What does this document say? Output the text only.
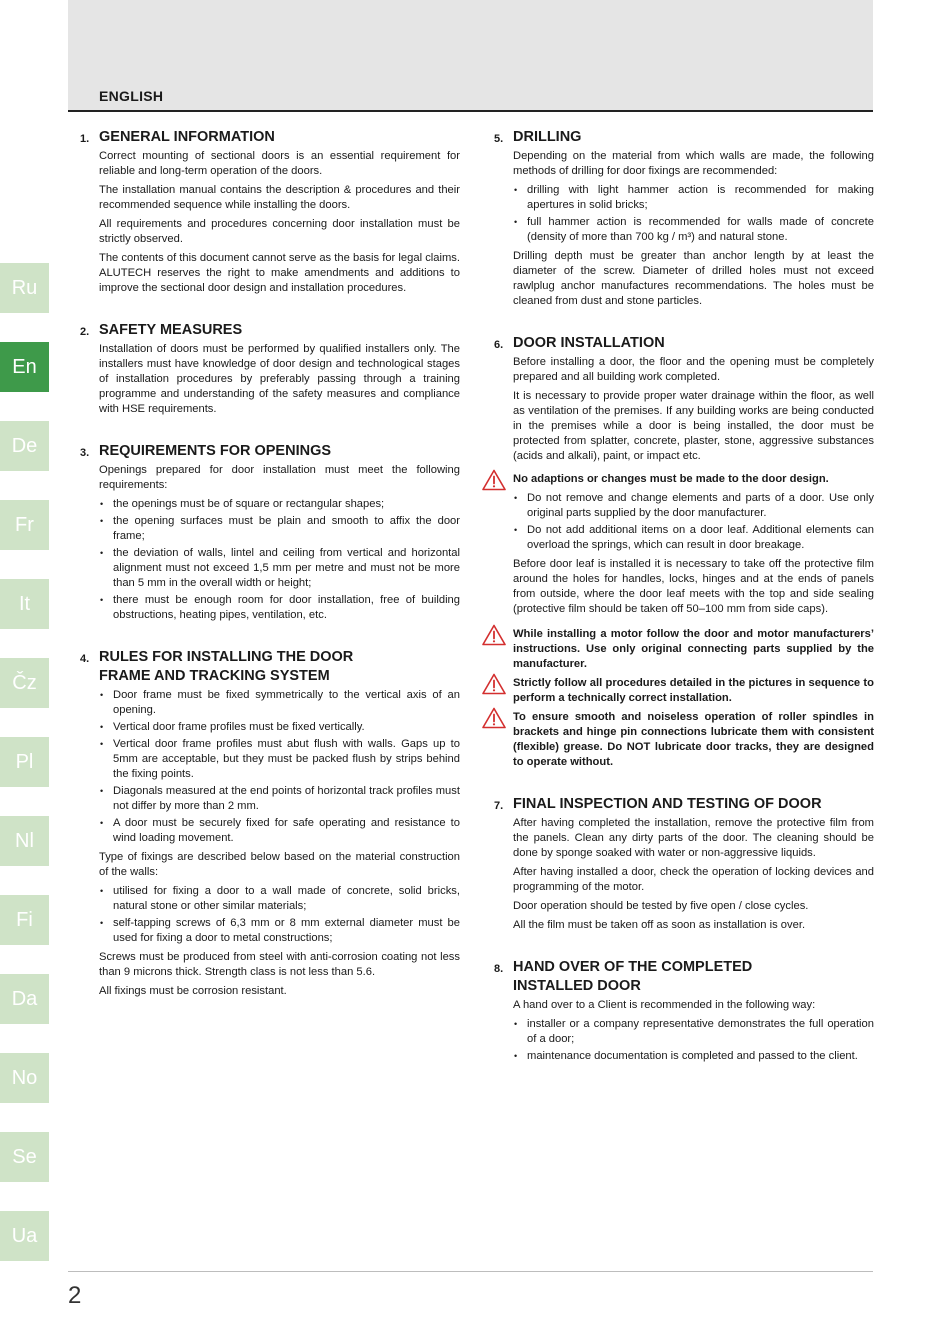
ENGLISH
Ru
En
De
Fr
It
Čz
Pl
Nl
Fi
Da
No
Se
Ua
1. GENERAL INFORMATION

Correct mounting of sectional doors is an essential requirement for reliable and long-term operation of the doors.

The installation manual contains the description & procedures and their recommended sequence while installing the doors.

All requirements and procedures concerning door installation must be strictly observed.

The contents of this document cannot serve as the basis for legal claims. ALUTECH reserves the right to make amendments and additions to improve the sectional door design and installation procedures.

2. SAFETY MEASURES

Installation of doors must be performed by qualified installers only. The installers must have knowledge of door design and technological stages of installation procedures by preferably passing through a training programme and understanding of the safety measures and compliance with HSE requirements.

3. REQUIREMENTS FOR OPENINGS

Openings prepared for door installation must meet the following requirements:

• the openings must be of square or rectangular shapes;
• the opening surfaces must be plain and smooth to affix the door frame;
• the deviation of walls, lintel and ceiling from vertical and horizontal alignment must not exceed 1,5 mm per metre and must not be more than 5 mm in the overall width or height;
• there must be enough room for door installation, free of building obstructions, heating pipes, ventilation, etc.
4. RULES FOR INSTALLING THE DOOR
FRAME AND TRACKING SYSTEM
• Door frame must be fixed symmetrically to the vertical axis of an opening.
• Vertical door frame profiles must be fixed vertically.
• Vertical door frame profiles must abut flush with walls. Gaps up to 5mm are acceptable, but they must be packed flush by strips behind the fixing points.
• Diagonals measured at the end points of horizontal track profiles must not differ by more than 2 mm.
• A door must be securely fixed for safe operating and resistance to wind loading movement.

Type of fixings are described below based on the material construction of the walls:

• utilised for fixing a door to a wall made of concrete, solid bricks, natural stone or other similar materials;
• self-tapping screws of 6,3 mm or 8 mm external diameter must be used for fixing a door to metal constructions;

Screws must be produced from steel with anti-corrosion coating not less than 9 microns thick. Strength class is not less than 5.6.

All fixings must be corrosion resistant.

5. DRILLING

Depending on the material from which walls are made, the following methods of drilling for door fixings are recommended:

• drilling with light hammer action is recommended for making apertures in solid bricks;
• full hammer action is recommended for walls made of concrete (density of more than 700 kg / m³) and natural stone.

Drilling depth must be greater than anchor length by at least the diameter of the screw. Diameter of drilled holes must not exceed rawlplug anchor manufactures recommendations. The holes must be cleaned from dust and stone particles.

6. DOOR INSTALLATION

Before installing a door, the floor and the opening must be completely prepared and all building work completed.

It is necessary to provide proper water drainage within the floor, as well as ventilation of the premises. If any building works are being conducted in the premises while a door is being installed, the door must be protected from splatter, concrete, plaster, stone, aggressive substances (acids and alkali), paint, or impact etc.

No adaptions or changes must be made to the door design.

• Do not remove and change elements and parts of a door. Use only original parts supplied by the door manufacturer.
• Do not add additional items on a door leaf. Additional elements can overload the springs, which can result in door breakage.

Before door leaf is installed it is necessary to take off the protective film around the holes for handles, locks, hinges and at the ends of panels from outside, where the door leaf meets with the top and side sealing (protective film should be taken off 50–100 mm from side caps).

While installing a motor follow the door and motor manufacturers’ instructions. Use only original connecting parts supplied by the manufacturer.

Strictly follow all procedures detailed in the pictures in sequence to perform a technically correct installation.

To ensure smooth and noiseless operation of roller spindles in brackets and hinge pin connections lubricate them with consistent (flexible) grease. Do NOT lubricate door tracks, they are designed to operate without.

7. FINAL INSPECTION AND TESTING OF DOOR

After having completed the installation, remove the protective film from the panels. Clean any dirty parts of the door. The cleaning should be done by sponge soaked with water or non-aggressive liquids.

After having installed a door, check the operation of locking devices and programming of the motor.

Door operation should be tested by five open / close cycles.

All the film must be taken off as soon as installation is over.

8. HAND OVER OF THE COMPLETED
INSTALLED DOOR

A hand over to a Client is recommended in the following way:

• installer or a company representative demonstrates the full operation of a door;
• maintenance documentation is completed and passed to the client.
2
